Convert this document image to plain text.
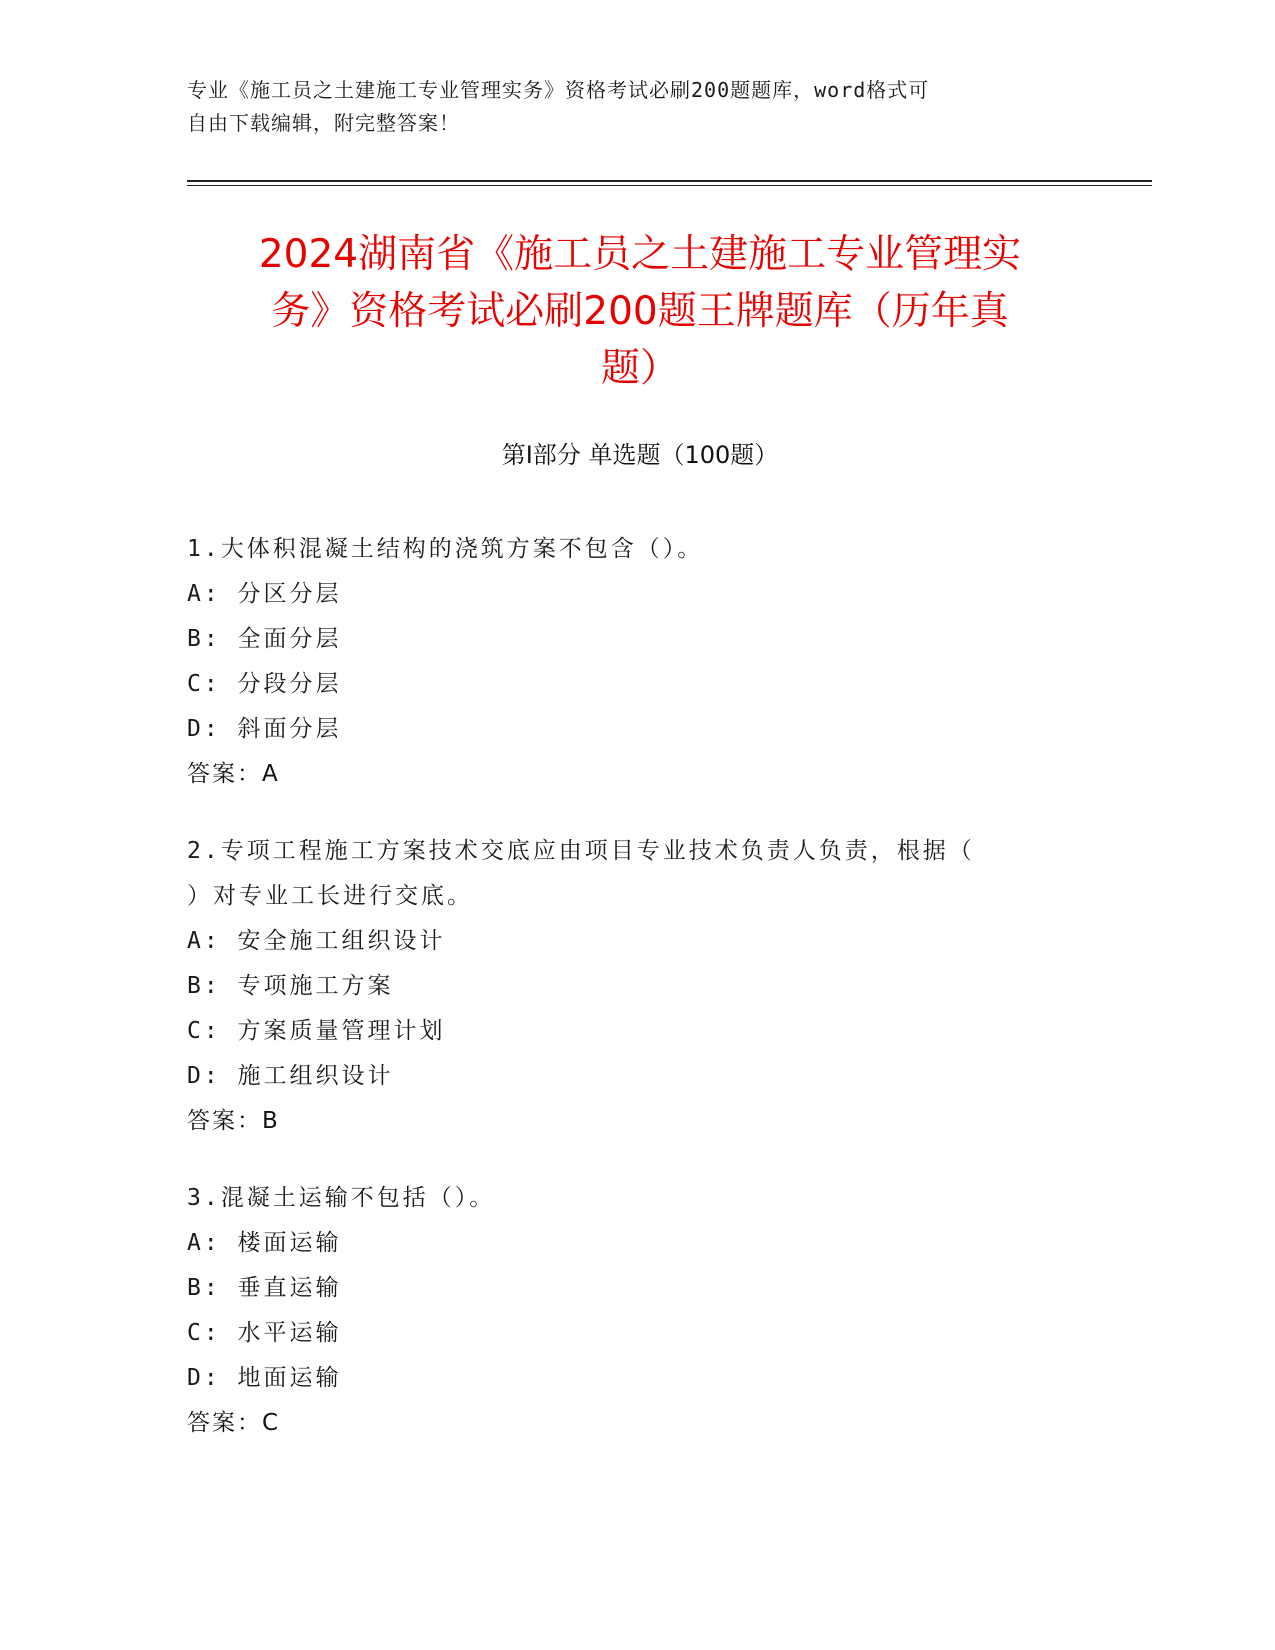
专业《施工员之土建施工专业管理实务》资格考试必刷200题题库，word格式可
自由下载编辑，附完整答案！
2024湖南省《施工员之土建施工专业管理实
务》资格考试必刷200题王牌题库（历年真
题）
第Ⅰ部分 单选题（100题）
1.大体积混凝土结构的浇筑方案不包含（）。
A: 分区分层
B: 全面分层
C: 分段分层
D: 斜面分层
答案：A
2.专项工程施工方案技术交底应由项目专业技术负责人负责，根据（
）对专业工长进行交底。
A: 安全施工组织设计
B: 专项施工方案
C: 方案质量管理计划
D: 施工组织设计
答案：B
3.混凝土运输不包括（）。
A: 楼面运输
B: 垂直运输
C: 水平运输
D: 地面运输
答案：C
